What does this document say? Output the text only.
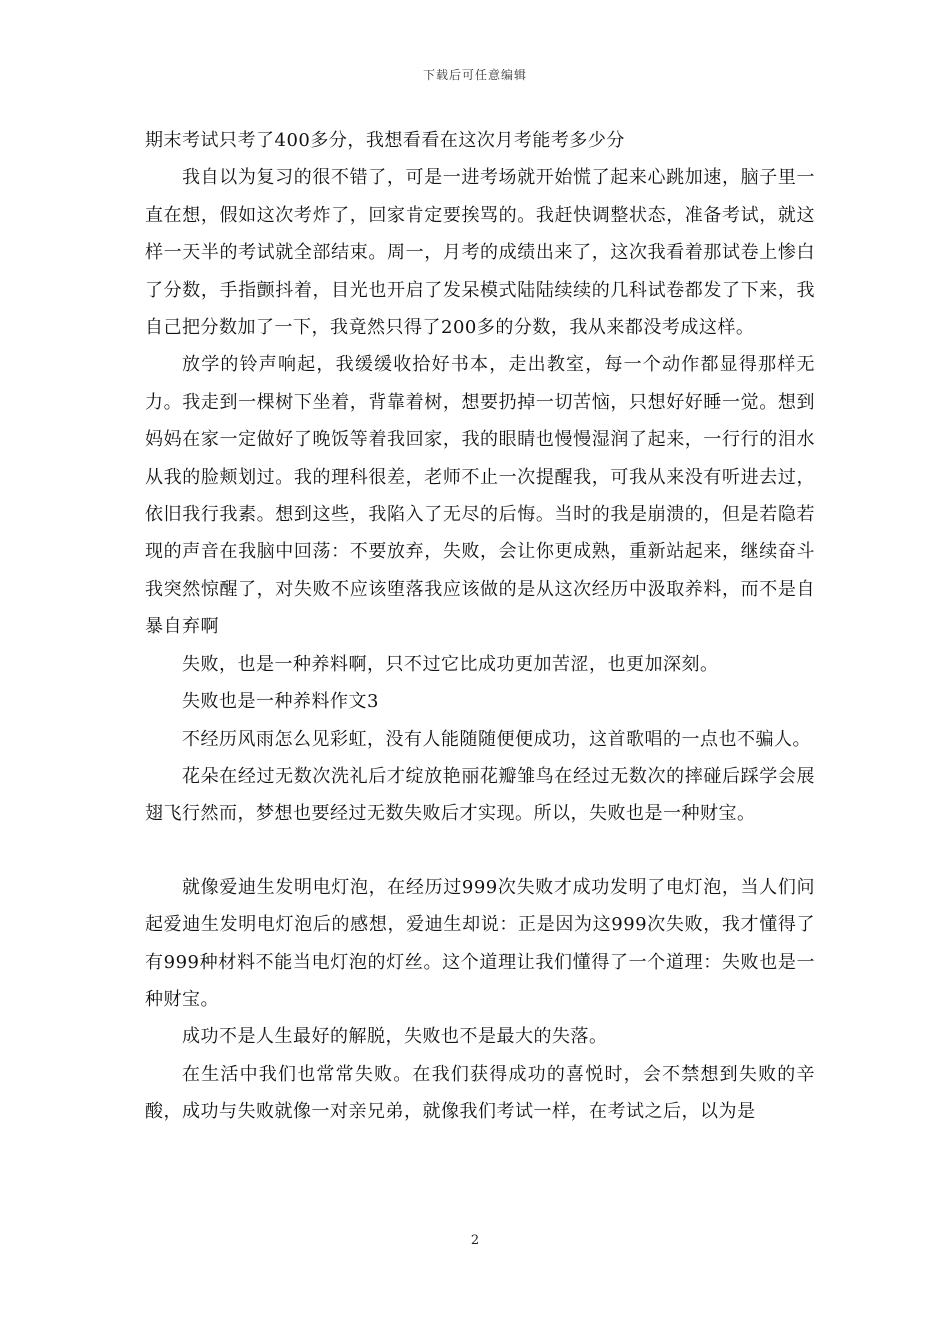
下载后可任意编辑

期末考试只考了400多分，我想看看在这次月考能考多少分

我自以为复习的很不错了，可是一进考场就开始慌了起来心跳加速，脑子里一直在想，假如这次考炸了，回家肯定要挨骂的。我赶快调整状态，准备考试，就这样一天半的考试就全部结束。周一，月考的成绩出来了，这次我看着那试卷上惨白了分数，手指颤抖着，目光也开启了发呆模式陆陆续续的几科试卷都发了下来，我自己把分数加了一下，我竟然只得了200多的分数，我从来都没考成这样。

放学的铃声响起，我缓缓收拾好书本，走出教室，每一个动作都显得那样无力。我走到一棵树下坐着，背靠着树，想要扔掉一切苦恼，只想好好睡一觉。想到妈妈在家一定做好了晚饭等着我回家，我的眼睛也慢慢湿润了起来，一行行的泪水从我的脸颊划过。我的理科很差，老师不止一次提醒我，可我从来没有听进去过，依旧我行我素。想到这些，我陷入了无尽的后悔。当时的我是崩溃的，但是若隐若现的声音在我脑中回荡：不要放弃，失败，会让你更成熟，重新站起来，继续奋斗我突然惊醒了，对失败不应该堕落我应该做的是从这次经历中汲取养料，而不是自暴自弃啊

失败，也是一种养料啊，只不过它比成功更加苦涩，也更加深刻。

失败也是一种养料作文3

不经历风雨怎么见彩虹，没有人能随随便便成功，这首歌唱的一点也不骗人。

花朵在经过无数次洗礼后才绽放艳丽花瓣雏鸟在经过无数次的摔碰后踩学会展翅飞行然而，梦想也要经过无数失败后才实现。所以，失败也是一种财宝。

就像爱迪生发明电灯泡，在经历过999次失败才成功发明了电灯泡，当人们问起爱迪生发明电灯泡后的感想，爱迪生却说：正是因为这999次失败，我才懂得了有999种材料不能当电灯泡的灯丝。这个道理让我们懂得了一个道理：失败也是一种财宝。

成功不是人生最好的解脱，失败也不是最大的失落。

在生活中我们也常常失败。在我们获得成功的喜悦时，会不禁想到失败的辛酸，成功与失败就像一对亲兄弟，就像我们考试一样，在考试之后，以为是

2
